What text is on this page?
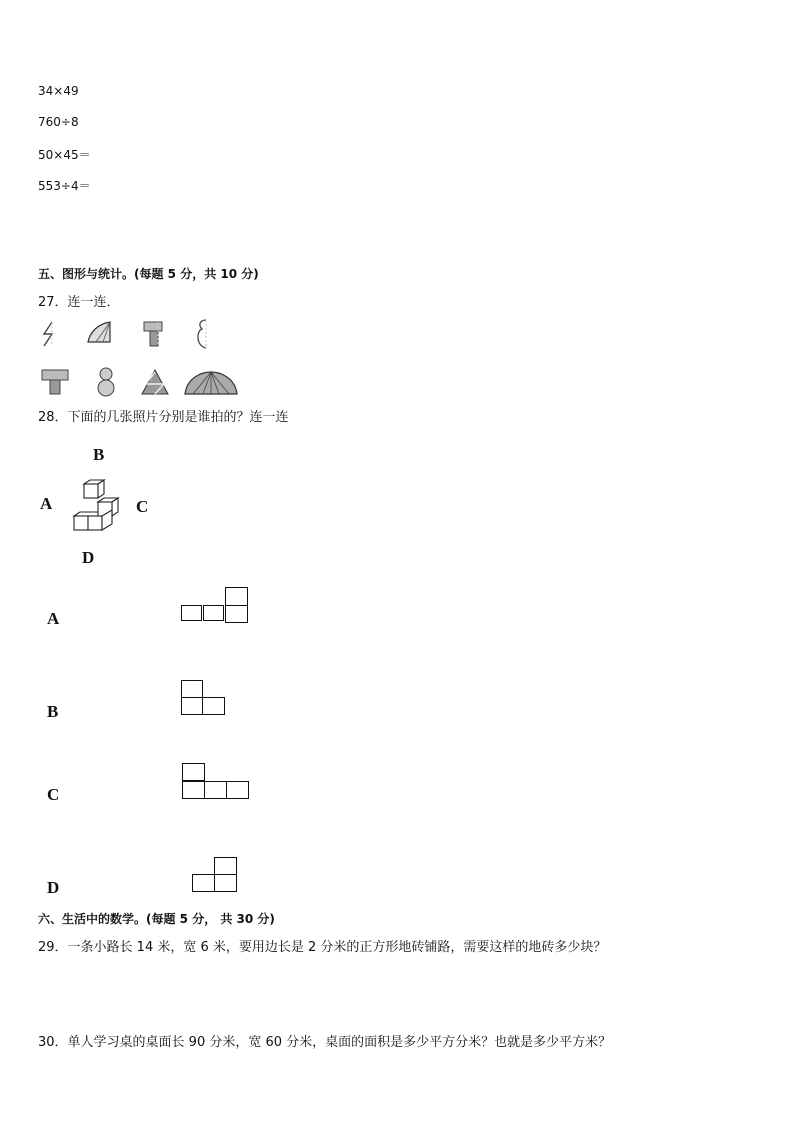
34×49
760÷8
50×45＝
553÷4＝
五、图形与统计。(每题 5 分，共 10 分)
27．连一连．
28．下面的几张照片分别是谁拍的？连一连
B
A	C
D
A
B
C
D
六、生活中的数学。(每题 5 分， 共 30 分)
29．一条小路长 14 米，宽 6 米，要用边长是 2 分米的正方形地砖铺路，需要这样的地砖多少块？
30．单人学习桌的桌面长 90 分米，宽 60 分米，桌面的面积是多少平方分米？也就是多少平方米？
